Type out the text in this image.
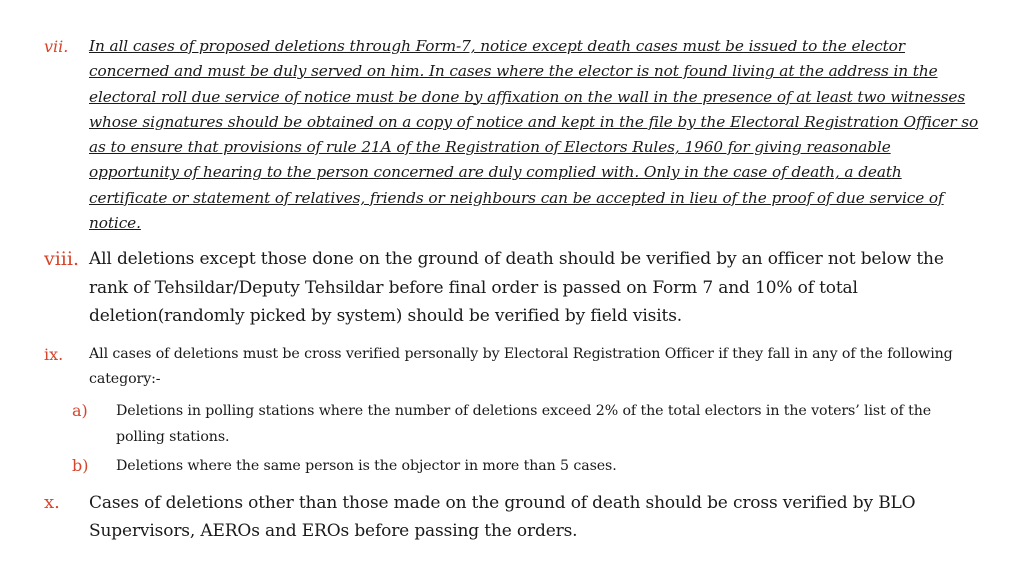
vii. In all cases of proposed deletions through Form-7, notice except death cases must be issued to the elector concerned and must be duly served on him. In cases where the elector is not found living at the address in the electoral roll due service of notice must be done by affixation on the wall in the presence of at least two witnesses whose signatures should be obtained on a copy of notice and kept in the file by the Electoral Registration Officer so as to ensure that provisions of rule 21A of the Registration of Electors Rules, 1960 for giving reasonable opportunity of hearing to the person concerned are duly complied with. Only in the case of death, a death certificate or statement of relatives, friends or neighbours can be accepted in lieu of the proof of due service of notice.
viii. All deletions except those done on the ground of death should be verified by an officer not below the rank of Tehsildar/Deputy Tehsildar before final order is passed on Form 7 and 10% of total deletion(randomly picked by system) should be verified by field visits.
ix. All cases of deletions must be cross verified personally by Electoral Registration Officer if they fall in any of the following category:-
a) Deletions in polling stations where the number of deletions exceed 2% of the total electors in the voters’ list of the polling stations.
b) Deletions where the same person is the objector in more than 5 cases.
x. Cases of deletions other than those made on the ground of death should be cross verified by BLO Supervisors, AEROs and EROs before passing the orders.
